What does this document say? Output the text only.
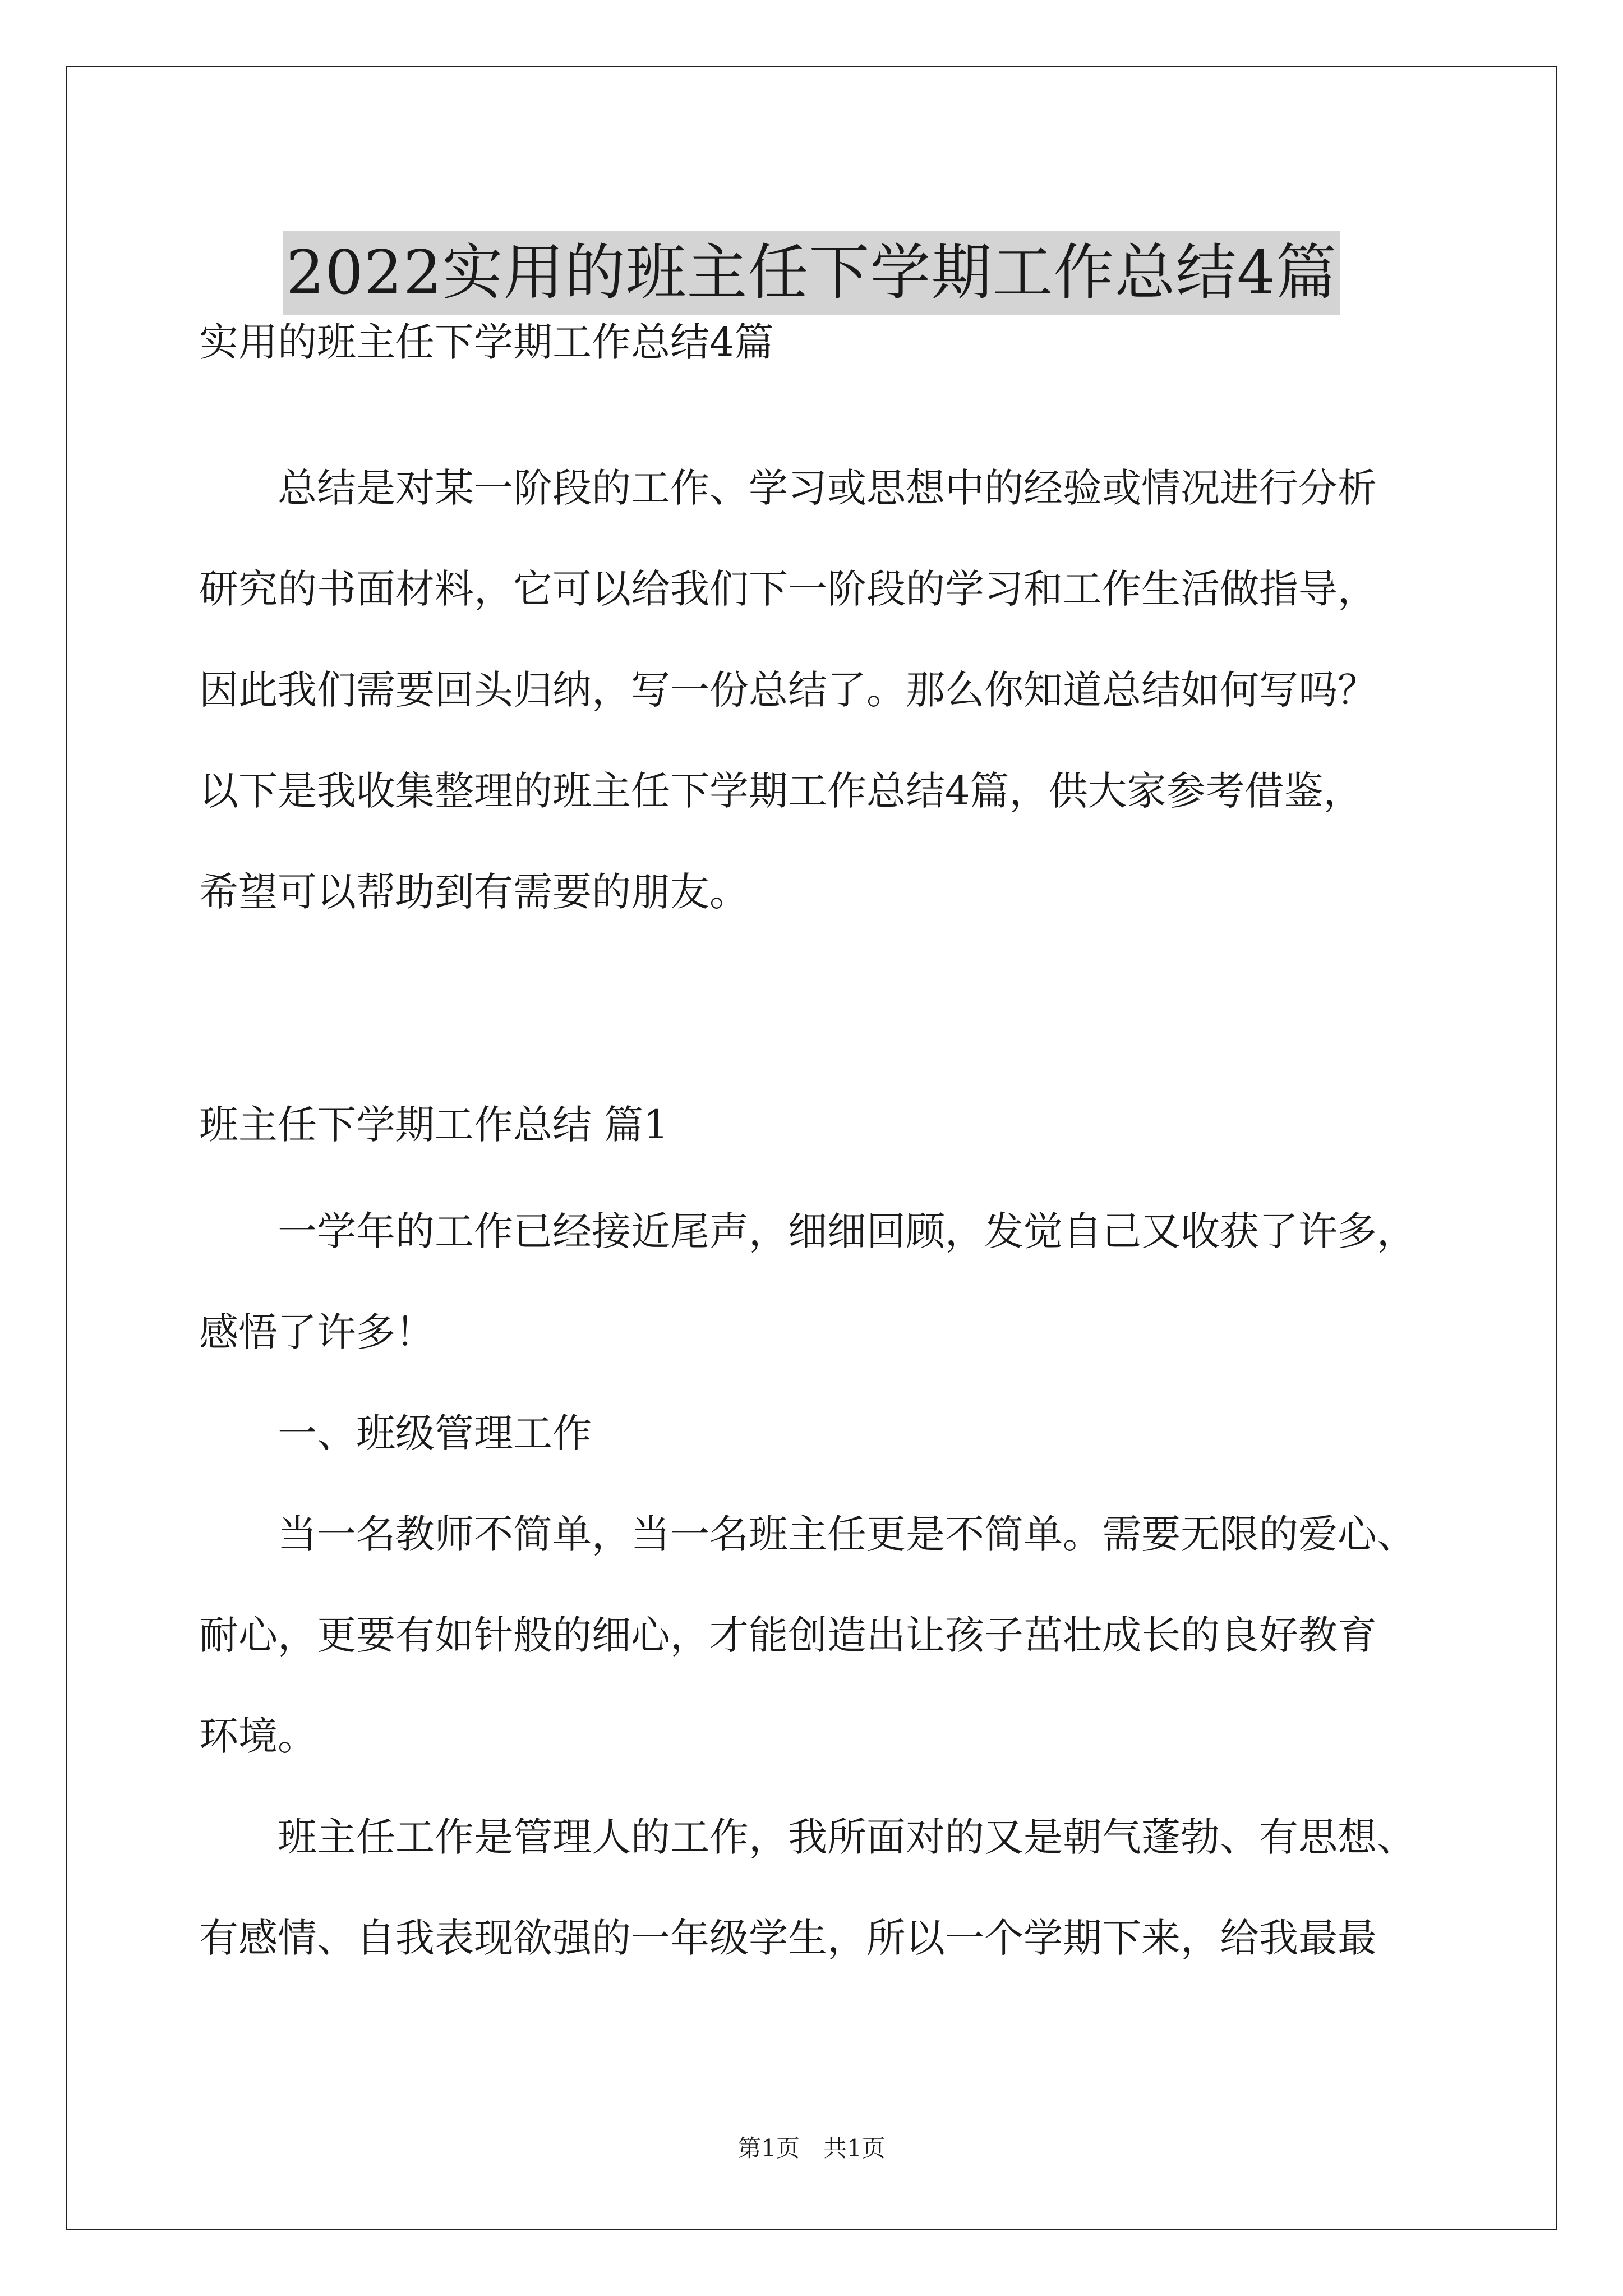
2022实用的班主任下学期工作总结4篇
实用的班主任下学期工作总结4篇
总结是对某一阶段的工作、学习或思想中的经验或情况进行分析
研究的书面材料，它可以给我们下一阶段的学习和工作生活做指导，
因此我们需要回头归纳，写一份总结了。那么你知道总结如何写吗？
以下是我收集整理的班主任下学期工作总结4篇，供大家参考借鉴，
希望可以帮助到有需要的朋友。
班主任下学期工作总结 篇1
一学年的工作已经接近尾声，细细回顾，发觉自己又收获了许多，
感悟了许多！
一、班级管理工作
当一名教师不简单，当一名班主任更是不简单。需要无限的爱心、
耐心，更要有如针般的细心，才能创造出让孩子茁壮成长的良好教育
环境。
班主任工作是管理人的工作，我所面对的又是朝气蓬勃、有思想、
有感情、自我表现欲强的一年级学生，所以一个学期下来，给我最最
第1页　共1页
